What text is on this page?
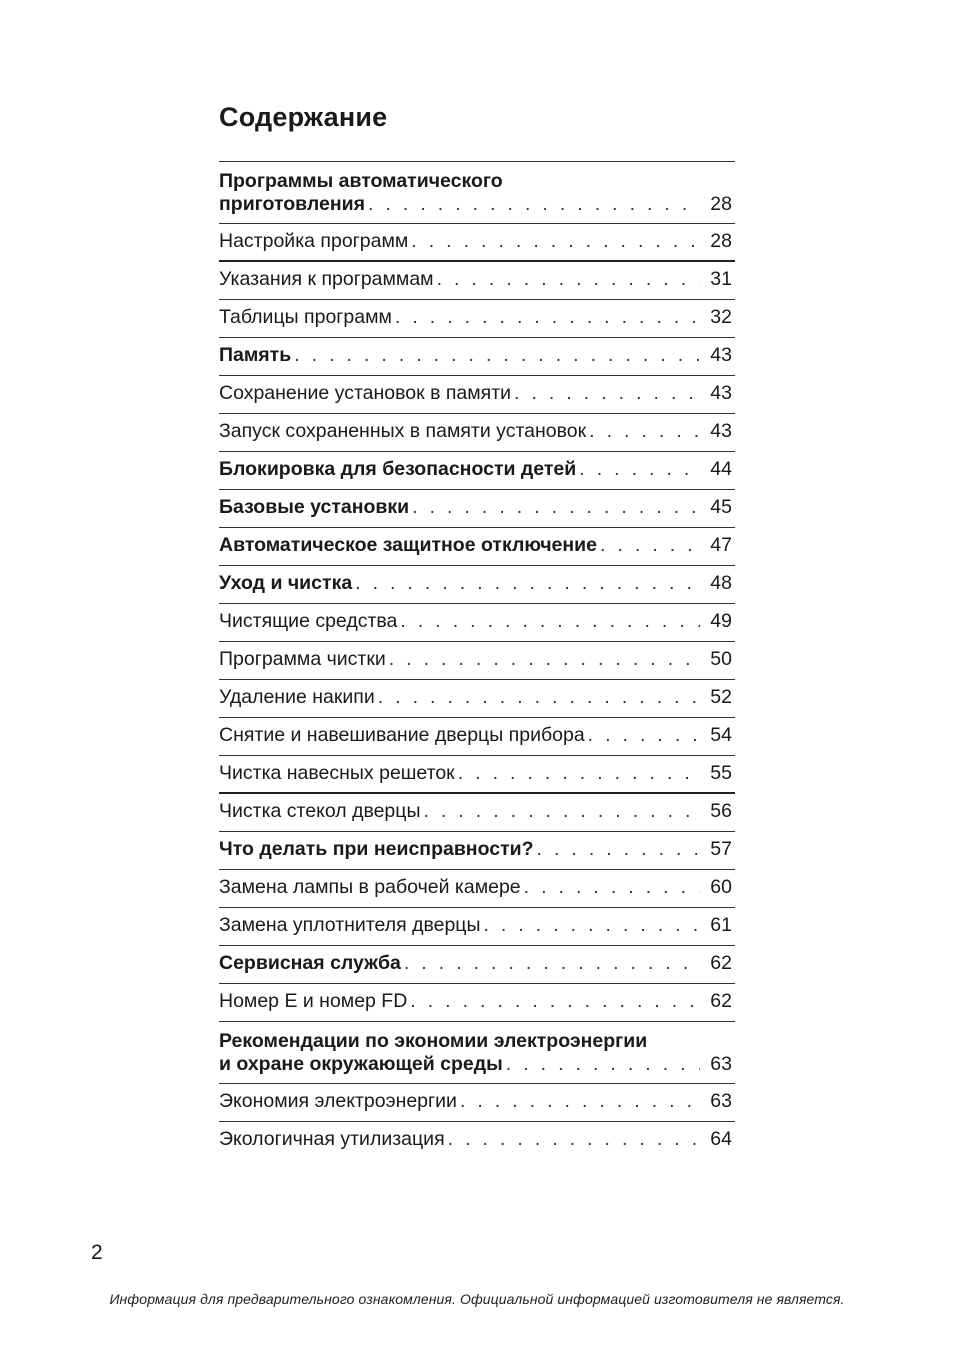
Содержание
Программы автоматического
приготовления . . .	28
Настройка программ . . .	28
Указания к программам . . .	31
Таблицы программ . . .	32
Память . . .	43
Сохранение установок в памяти . . .	43
Запуск сохраненных в памяти установок . . .	43
Блокировка для безопасности детей . . .	44
Базовые установки . . .	45
Автоматическое защитное отключение . . .	47
Уход и чистка . . .	48
Чистящие средства . . .	49
Программа чистки . . .	50
Удаление накипи . . .	52
Снятие и навешивание дверцы прибора . . .	54
Чистка навесных решеток . . .	55
Чистка стекол дверцы . . .	56
Что делать при неисправности? . . .	57
Замена лампы в рабочей камере . . .	60
Замена уплотнителя дверцы . . .	61
Сервисная служба . . .	62
Номер Е и номер FD . . .	62
Рекомендации по экономии электроэнергии
и охране окружающей среды . . .	63
Экономия электроэнергии . . .	63
Экологичная утилизация . . .	64
2
Информация для предварительного ознакомления. Официальной информацией изготовителя не является.
